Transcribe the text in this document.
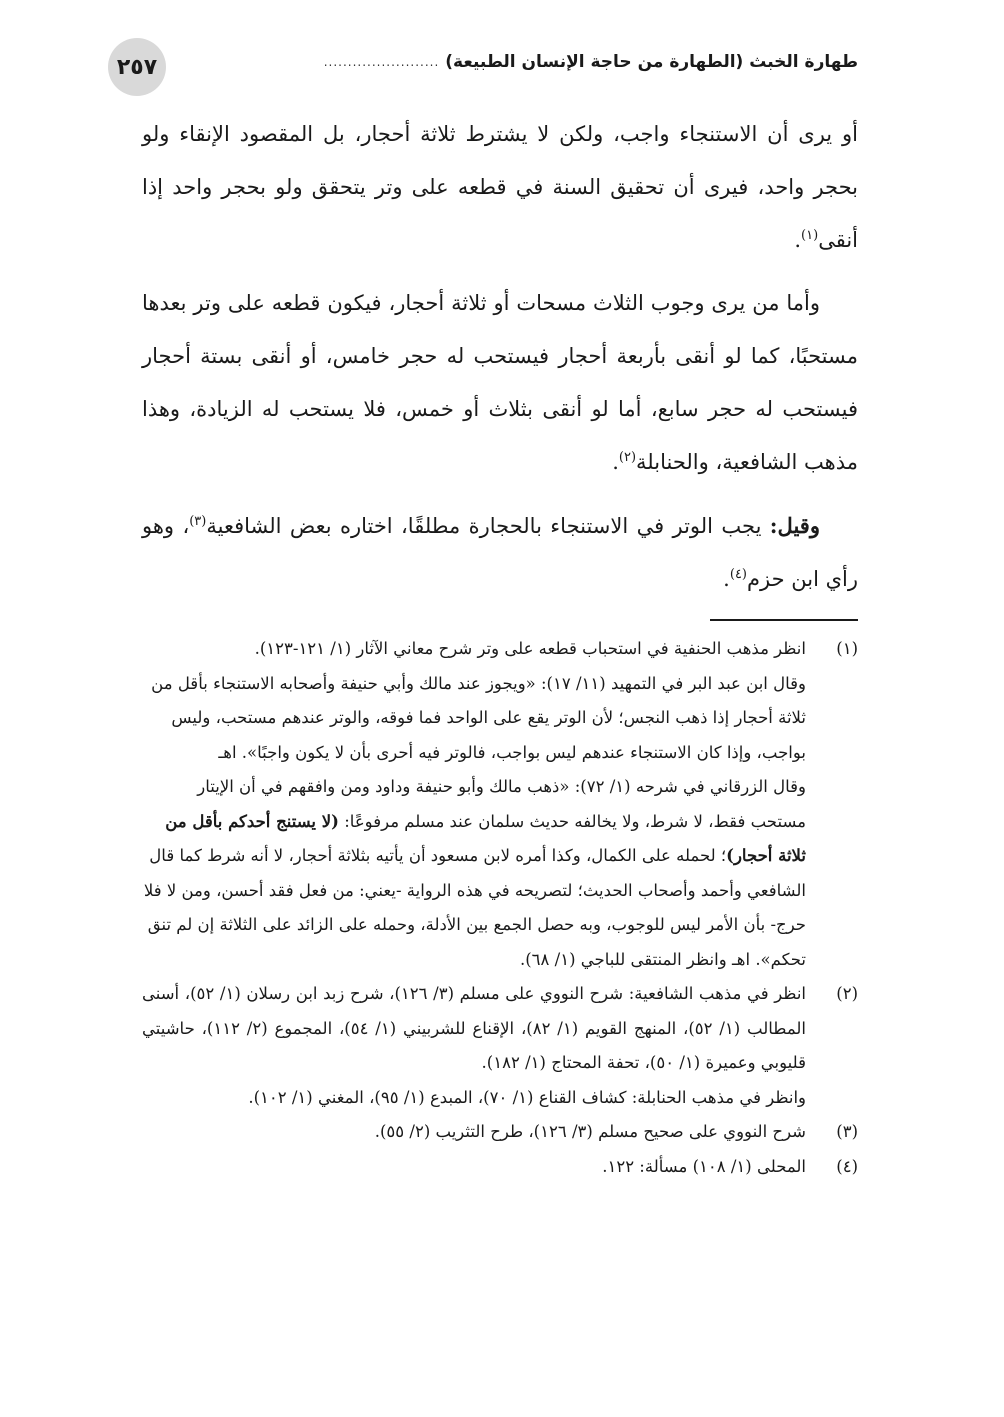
٢٥٧	طهارة الخبث (الطهارة من حاجة الإنسان الطبيعة)
........................

أو يرى أن الاستنجاء واجب، ولكن لا يشترط ثلاثة أحجار، بل المقصود الإنقاء ولو بحجر واحد، فيرى أن تحقيق السنة في قطعه على وتر يتحقق ولو بحجر واحد إذا أنقى$^{(١)}$.

وأما من يرى وجوب الثلاث مسحات أو ثلاثة أحجار، فيكون قطعه على وتر بعدها مستحبًا، كما لو أنقى بأربعة أحجار فيستحب له حجر خامس، أو أنقى بستة أحجار فيستحب له حجر سابع، أما لو أنقى بثلاث أو خمس، فلا يستحب له الزيادة، وهذا مذهب الشافعية، والحنابلة$^{(٢)}$.

وقيل: يجب الوتر في الاستنجاء بالحجارة مطلقًا، اختاره بعض الشافعية$^{(٣)}$، وهو رأي ابن حزم$^{(٤)}$.

(١)
انظر مذهب الحنفية في استحباب قطعه على وتر شرح معاني الآثار (١/ ١٢١-١٢٣).
وقال ابن عبد البر في التمهيد (١١/ ١٧): «ويجوز عند مالك وأبي حنيفة وأصحابه الاستنجاء بأقل من ثلاثة أحجار إذا ذهب النجس؛ لأن الوتر يقع على الواحد فما فوقه، والوتر عندهم مستحب، وليس بواجب، وإذا كان الاستنجاء عندهم ليس بواجب، فالوتر فيه أحرى بأن لا يكون واجبًا». اهـ
وقال الزرقاني في شرحه (١/ ٧٢): «ذهب مالك وأبو حنيفة وداود ومن وافقهم في أن الإيتار مستحب فقط، لا شرط، ولا يخالفه حديث سلمان عند مسلم مرفوعًا: (لا يستنج أحدكم بأقل من ثلاثة أحجار)؛ لحمله على الكمال، وكذا أمره لابن مسعود أن يأتيه بثلاثة أحجار، لا أنه شرط كما قال الشافعي وأحمد وأصحاب الحديث؛ لتصريحه في هذه الرواية -يعني: من فعل فقد أحسن، ومن لا فلا حرج- بأن الأمر ليس للوجوب، وبه حصل الجمع بين الأدلة، وحمله على الزائد على الثلاثة إن لم تنق تحكم». اهـ وانظر المنتقى للباجي (١/ ٦٨).
(٢)
انظر في مذهب الشافعية: شرح النووي على مسلم (٣/ ١٢٦)، شرح زبد ابن رسلان (١/ ٥٢)، أسنى المطالب (١/ ٥٢)، المنهج القويم (١/ ٨٢)، الإقناع للشربيني (١/ ٥٤)، المجموع (٢/ ١١٢)، حاشيتي قليوبي وعميرة (١/ ٥٠)، تحفة المحتاج (١/ ١٨٢).
وانظر في مذهب الحنابلة: كشاف القناع (١/ ٧٠)، المبدع (١/ ٩٥)، المغني (١/ ١٠٢).
(٣)
شرح النووي على صحيح مسلم (٣/ ١٢٦)، طرح التثريب (٢/ ٥٥).
(٤)
المحلى (١/ ١٠٨) مسألة: ١٢٢.
